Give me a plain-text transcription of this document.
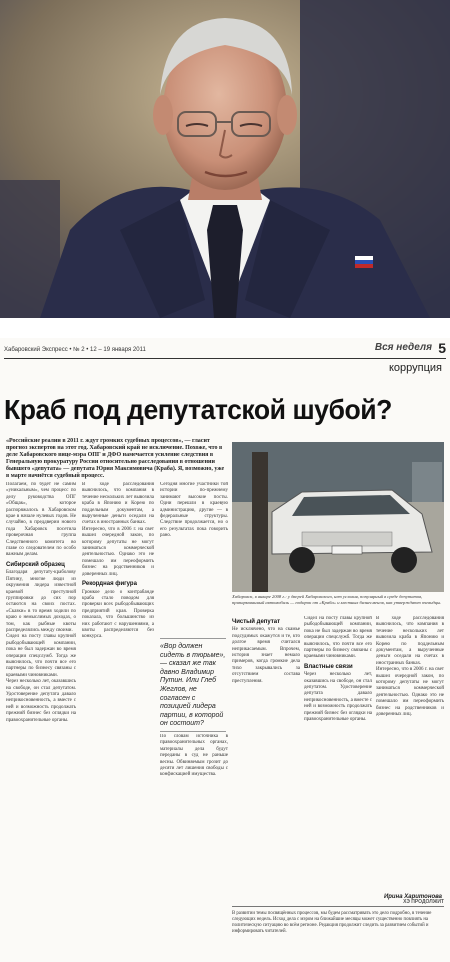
Хабаровский Экспресс • № 2 • 12 – 19 января 2011	Вся неделя 5
коррупция
Краб под депутатской шубой?
«Российские реалии в 2011 г. ждут громких судебных процессов», — гласит прогноз экспертов на этот год. Хабаровский край не исключение. Похоже, что в деле Хабаровского вице-мэра ОПГ и ДФО намечается усиление следствия в Генеральную прокуратуру России относительно расследования в отношении бывшего «депутата» — депутата Юрия Максимовича (Краба). Я, возможно, уже в марте начнётся судебный процесс.
Полагаем, по будет не самим «уникальным», чем процесс по делу руководства ОПГ «Общак», которое распоряжалось в Хабаровском крае в начале нулевых годов. Не случайно, в преддверии нового года Хабаровск посетила проверочная группа Следственного комитета во главе со следователем по особо важным делам.
Сибирский образец
Благодаря депутату-краболову Пятину, многие люди из окружения лидера известной краевой преступной группировки до сих пор остаются на своих постах. «Сказки» в то время ходили по краю о немыслимых доходах, о том, как рыбные квоты распределялись между своими.
Сидел на посту главы крупной рыбодобывающей компании, пока не был задержан во время операции спецслужб. Тогда же выяснилось, что почти все его партнеры по бизнесу связаны с краевыми чиновниками.
Через несколько лет, оказавшись на свободе, он стал депутатом. Удостоверение депутата давало неприкосновенность, а вместе с ней и возможность продолжать прежний бизнес без оглядки на правоохранительные органы.
В ходе расследования выяснилось, что компания в течение нескольких лет вывозила краба в Японию и Корею по поддельным документам, а вырученные деньги оседали на счетах в иностранных банках.
Интересно, что в 2006 г. на свет вышел очередной закон, по которому депутаты не могут заниматься коммерческой деятельностью. Однако это не помешало им переоформить бизнес на родственников и доверенных лиц.
Рекордная фигура
Громкое дело о контрабанде краба стало поводом для проверки всех рыбодобывающих предприятий края. Проверка показала, что большинство из них работают с нарушениями, а квоты распределяются без конкурса.
Сегодня многие участники той истории по-прежнему занимают высокие посты. Одни перешли в краевую администрацию, другие — в федеральные структуры. Следствие продолжается, но о его результатах пока говорить рано.
«Вор должен сидеть в тюрьме», — сказал же так давно Владимир Путин. Или Глеб Жеглов, не согласен с позицией лидера партии, в которой он состоит?
По словам источника в правоохранительных органах, материалы дела будут переданы в суд не раньше весны. Обвиняемым грозит до десяти лет лишения свободы с конфискацией имущества.
Хабаровск, в январе 2008 г.: у дверей Хабаровского, нет условия, популярный в среде депутатов, припаркованный автомобиль — подарок от «Краба» и местных бизнесменов, как утверждают очевидцы.
Чистый депутат
Не исключено, что на скамье подсудимых окажутся и те, кто долгое время считался неприкасаемым. Впрочем, история знает немало примеров, когда громкие дела тихо закрывались за отсутствием состава преступления.
Сидел на посту главы крупной рыбодобывающей компании, пока не был задержан во время операции спецслужб. Тогда же выяснилось, что почти все его партнеры по бизнесу связаны с краевыми чиновниками.
Властные связи
Через несколько лет, оказавшись на свободе, он стал депутатом. Удостоверение депутата давало неприкосновенность, а вместе с ней и возможность продолжать прежний бизнес без оглядки на правоохранительные органы.
В ходе расследования выяснилось, что компания в течение нескольких лет вывозила краба в Японию и Корею по поддельным документам, а вырученные деньги оседали на счетах в иностранных банках.
Интересно, что в 2006 г. на свет вышел очередной закон, по которому депутаты не могут заниматься коммерческой деятельностью. Однако это не помешало им переоформить бизнес на родственников и доверенных лиц.
Ирина Харитонова
ХЭ ПРОДОЛЖИТ
В развитии темы посвящённых процессов, мы будем рассматривать это дело подробно, в течение следующих недель. Исход дела с мэром на ближайшие месяцы может существенно повлиять на политическую ситуацию во всём регионе. Редакция продолжит следить за развитием событий и информировать читателей.
